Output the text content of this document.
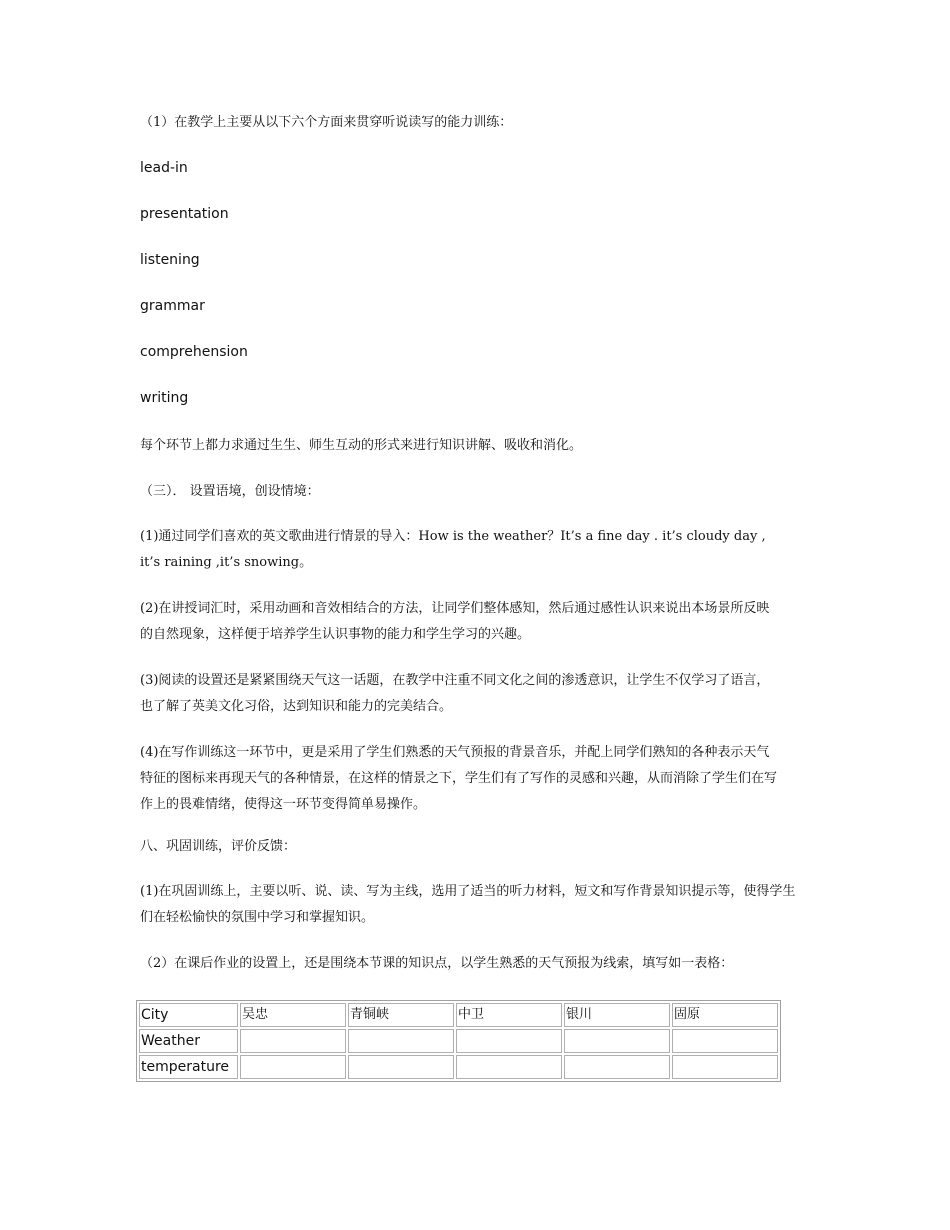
（1）在教学上主要从以下六个方面来贯穿听说读写的能力训练：
lead-in
presentation
listening
grammar
comprehension
writing
每个环节上都力求通过生生、师生互动的形式来进行知识讲解、吸收和消化。
（三）． 设置语境，创设情境：
(1)通过同学们喜欢的英文歌曲进行情景的导入：How is the weather？It’s a fine day . it’s cloudy day ,
it’s raining ,it’s snowing。
(2)在讲授词汇时，采用动画和音效相结合的方法，让同学们整体感知，然后通过感性认识来说出本场景所反映
的自然现象，这样便于培养学生认识事物的能力和学生学习的兴趣。
(3)阅读的设置还是紧紧围绕天气这一话题，在教学中注重不同文化之间的渗透意识，让学生不仅学习了语言，
也了解了英美文化习俗，达到知识和能力的完美结合。
(4)在写作训练这一环节中，更是采用了学生们熟悉的天气预报的背景音乐，并配上同学们熟知的各种表示天气
特征的图标来再现天气的各种情景，在这样的情景之下，学生们有了写作的灵感和兴趣，从而消除了学生们在写
作上的畏难情绪，使得这一环节变得简单易操作。
八、巩固训练，评价反馈：
(1)在巩固训练上，主要以听、说、读、写为主线，选用了适当的听力材料，短文和写作背景知识提示等，使得学生
们在轻松愉快的氛围中学习和掌握知识。
（2）在课后作业的设置上，还是围绕本节课的知识点，以学生熟悉的天气预报为线索，填写如一表格：
City	吴忠	青铜峡	中卫	银川	固原
Weather					
temperature					
